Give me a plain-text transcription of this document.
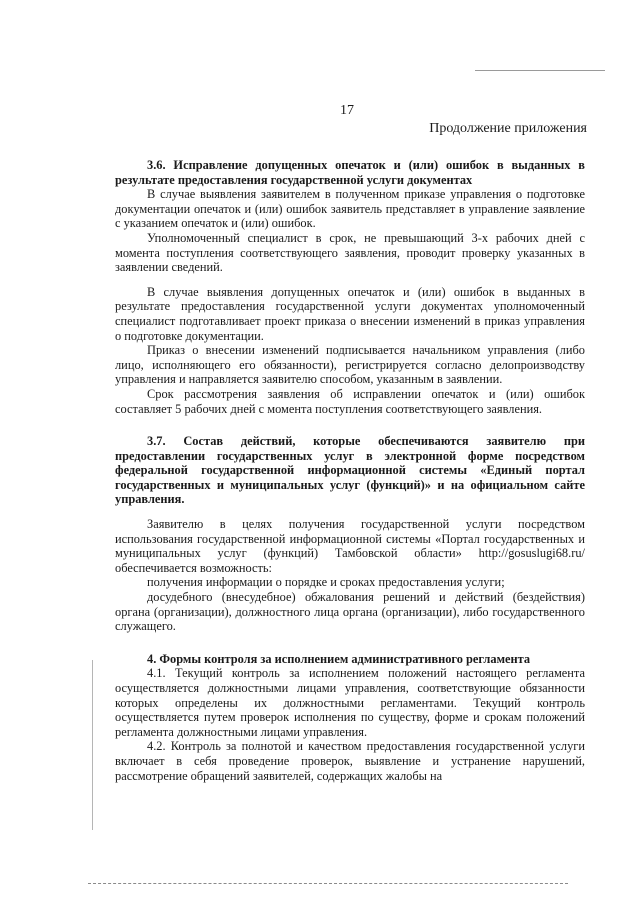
17

Продолжение приложения

3.6. Исправление допущенных опечаток и (или) ошибок в выданных в результате предоставления государственной услуги документах

В случае выявления заявителем в полученном приказе управления о подготовке документации опечаток и (или) ошибок заявитель представляет в управление заявление с указанием опечаток и (или) ошибок.

Уполномоченный специалист в срок, не превышающий 3-х рабочих дней с момента поступления соответствующего заявления, проводит проверку указанных в заявлении сведений.

В случае выявления допущенных опечаток и (или) ошибок в выданных в результате предоставления государственной услуги документах уполномоченный специалист подготавливает проект приказа о внесении изменений в приказ управления о подготовке документации.

Приказ о внесении изменений подписывается начальником управления (либо лицо, исполняющего его обязанности), регистрируется согласно делопроизводству управления и направляется заявителю способом, указанным в заявлении.

Срок рассмотрения заявления об исправлении опечаток и (или) ошибок составляет 5 рабочих дней с момента поступления соответствующего заявления.

3.7. Состав действий, которые обеспечиваются заявителю при предоставлении государственных услуг в электронной форме посредством федеральной государственной информационной системы «Единый портал государственных и муниципальных услуг (функций)» и на официальном сайте управления.

Заявителю в целях получения государственной услуги посредством использования государственной информационной системы «Портал государственных и муниципальных услуг (функций) Тамбовской области» http://gosuslugi68.ru/ обеспечивается возможность:

получения информации о порядке и сроках предоставления услуги;

досудебного (внесудебное) обжалования решений и действий (бездействия) органа (организации), должностного лица органа (организации), либо государственного служащего.

4. Формы контроля за исполнением административного регламента

4.1. Текущий контроль за исполнением положений настоящего регламента осуществляется должностными лицами управления, соответствующие обязанности которых определены их должностными регламентами. Текущий контроль осуществляется путем проверок исполнения по существу, форме и срокам положений регламента должностными лицами управления.

4.2. Контроль за полнотой и качеством предоставления государственной услуги включает в себя проведение проверок, выявление и устранение нарушений, рассмотрение обращений заявителей, содержащих жалобы на
